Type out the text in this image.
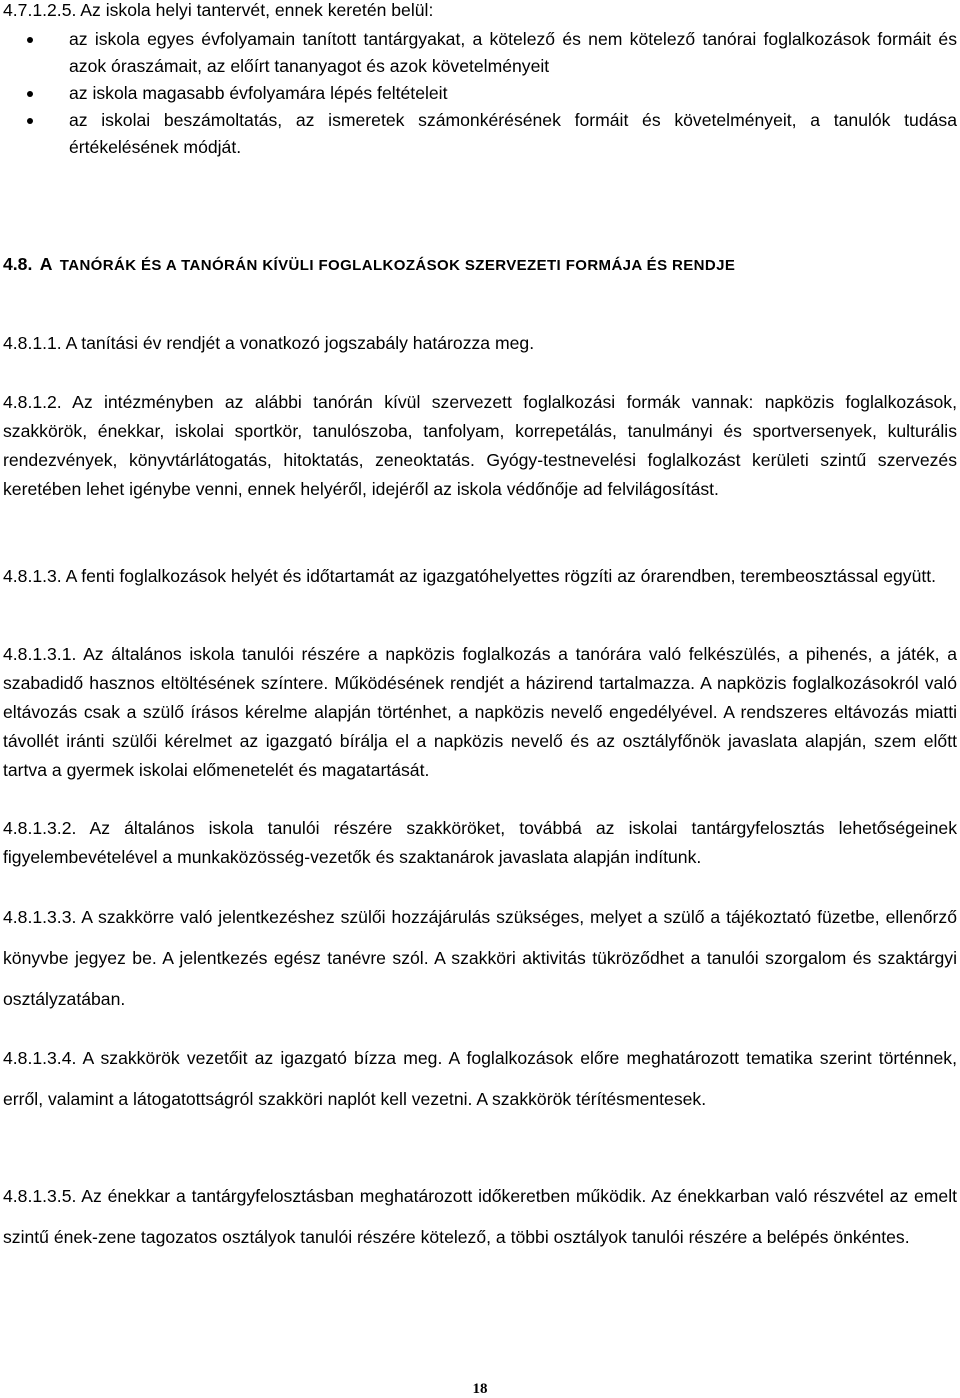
4.7.1.2.5. Az iskola helyi tantervét, ennek keretén belül:

az iskola egyes évfolyamain tanított tantárgyakat, a kötelező és nem kötelező tanórai foglalkozások formáit és azok óraszámait, az előírt tananyagot és azok követelményeit
az iskola magasabb évfolyamára lépés feltételeit
az iskolai beszámoltatás, az ismeretek számonkérésének formáit és követelményeit, a tanulók tudása értékelésének módját.
4.8. A TANÓRÁK ÉS A TANÓRÁN KÍVÜLI FOGLALKOZÁSOK SZERVEZETI FORMÁJA ÉS RENDJE

4.8.1.1. A tanítási év rendjét a vonatkozó jogszabály határozza meg.

4.8.1.2. Az intézményben az alábbi tanórán kívül szervezett foglalkozási formák vannak: napközis foglalkozások, szakkörök, énekkar, iskolai sportkör, tanulószoba, tanfolyam, korrepetálás, tanulmányi és sportversenyek, kulturális rendezvények, könyvtárlátogatás, hitoktatás, zeneoktatás. Gyógy-testnevelési foglalkozást kerületi szintű szervezés keretében lehet igénybe venni, ennek helyéről, idejéről az iskola védőnője ad felvilágosítást.

4.8.1.3. A fenti foglalkozások helyét és időtartamát az igazgatóhelyettes rögzíti az órarendben, terembeosztással együtt.

4.8.1.3.1. Az általános iskola tanulói részére a napközis foglalkozás a tanórára való felkészülés, a pihenés, a játék, a szabadidő hasznos eltöltésének színtere. Működésének rendjét a házirend tartalmazza. A napközis foglalkozásokról való eltávozás csak a szülő írásos kérelme alapján történhet, a napközis nevelő engedélyével. A rendszeres eltávozás miatti távollét iránti szülői kérelmet az igazgató bírálja el a napközis nevelő és az osztályfőnök javaslata alapján, szem előtt tartva a gyermek iskolai előmenetelét és magatartását.

4.8.1.3.2. Az általános iskola tanulói részére szakköröket, továbbá az iskolai tantárgyfelosztás lehetőségeinek figyelembevételével a munkaközösség-vezetők és szaktanárok javaslata alapján indítunk.

4.8.1.3.3. A szakkörre való jelentkezéshez szülői hozzájárulás szükséges, melyet a szülő a tájékoztató füzetbe, ellenőrző könyvbe jegyez be. A jelentkezés egész tanévre szól. A szakköri aktivitás tükröződhet a tanulói szorgalom és szaktárgyi osztályzatában.

4.8.1.3.4. A szakkörök vezetőit az igazgató bízza meg. A foglalkozások előre meghatározott tematika szerint történnek, erről, valamint a látogatottságról szakköri naplót kell vezetni. A szakkörök térítésmentesek.

4.8.1.3.5. Az énekkar a tantárgyfelosztásban meghatározott időkeretben működik. Az énekkarban való részvétel az emelt szintű ének-zene tagozatos osztályok tanulói részére kötelező, a többi osztályok tanulói részére a belépés önkéntes.

18
